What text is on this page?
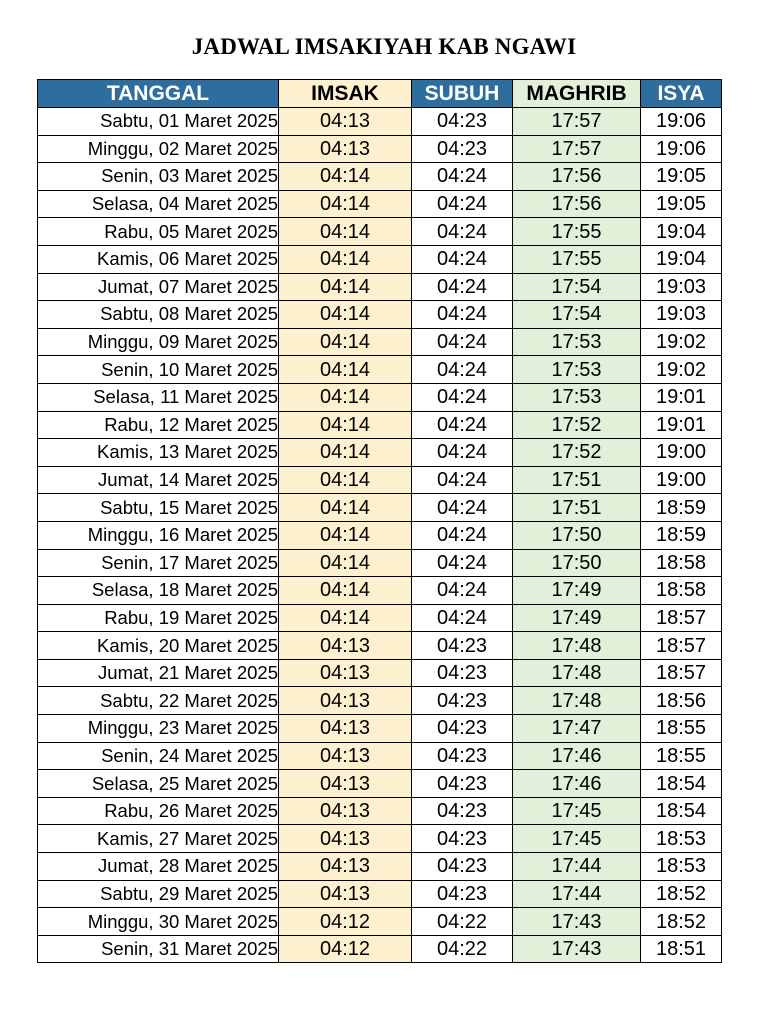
JADWAL IMSAKIYAH KAB NGAWI
TANGGAL	IMSAK	SUBUH	MAGHRIB	ISYA
Sabtu, 01 Maret 2025	04:13	04:23	17:57	19:06
Minggu, 02 Maret 2025	04:13	04:23	17:57	19:06
Senin, 03 Maret 2025	04:14	04:24	17:56	19:05
Selasa, 04 Maret 2025	04:14	04:24	17:56	19:05
Rabu, 05 Maret 2025	04:14	04:24	17:55	19:04
Kamis, 06 Maret 2025	04:14	04:24	17:55	19:04
Jumat, 07 Maret 2025	04:14	04:24	17:54	19:03
Sabtu, 08 Maret 2025	04:14	04:24	17:54	19:03
Minggu, 09 Maret 2025	04:14	04:24	17:53	19:02
Senin, 10 Maret 2025	04:14	04:24	17:53	19:02
Selasa, 11 Maret 2025	04:14	04:24	17:53	19:01
Rabu, 12 Maret 2025	04:14	04:24	17:52	19:01
Kamis, 13 Maret 2025	04:14	04:24	17:52	19:00
Jumat, 14 Maret 2025	04:14	04:24	17:51	19:00
Sabtu, 15 Maret 2025	04:14	04:24	17:51	18:59
Minggu, 16 Maret 2025	04:14	04:24	17:50	18:59
Senin, 17 Maret 2025	04:14	04:24	17:50	18:58
Selasa, 18 Maret 2025	04:14	04:24	17:49	18:58
Rabu, 19 Maret 2025	04:14	04:24	17:49	18:57
Kamis, 20 Maret 2025	04:13	04:23	17:48	18:57
Jumat, 21 Maret 2025	04:13	04:23	17:48	18:57
Sabtu, 22 Maret 2025	04:13	04:23	17:48	18:56
Minggu, 23 Maret 2025	04:13	04:23	17:47	18:55
Senin, 24 Maret 2025	04:13	04:23	17:46	18:55
Selasa, 25 Maret 2025	04:13	04:23	17:46	18:54
Rabu, 26 Maret 2025	04:13	04:23	17:45	18:54
Kamis, 27 Maret 2025	04:13	04:23	17:45	18:53
Jumat, 28 Maret 2025	04:13	04:23	17:44	18:53
Sabtu, 29 Maret 2025	04:13	04:23	17:44	18:52
Minggu, 30 Maret 2025	04:12	04:22	17:43	18:52
Senin, 31 Maret 2025	04:12	04:22	17:43	18:51
